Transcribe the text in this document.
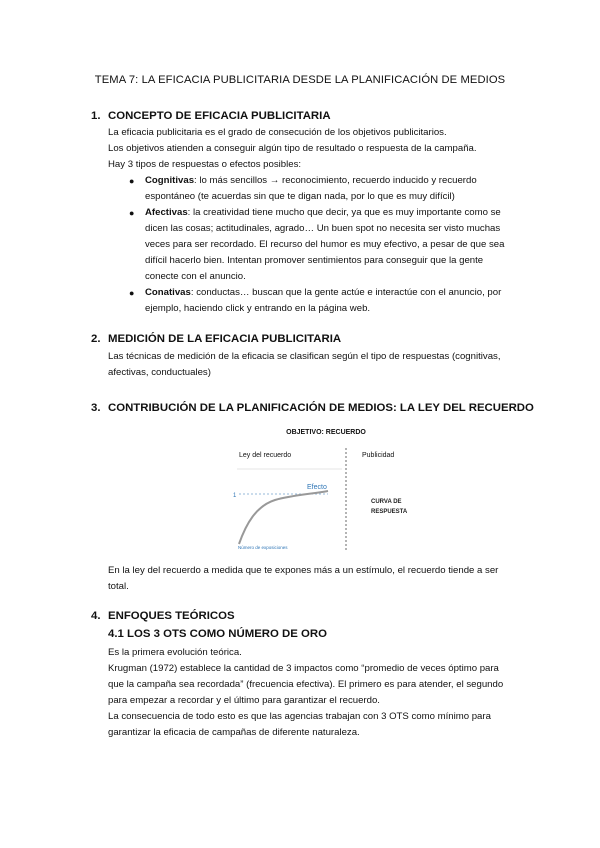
TEMA 7: LA EFICACIA PUBLICITARIA DESDE LA PLANIFICACIÓN DE MEDIOS
1. CONCEPTO DE EFICACIA PUBLICITARIA
La eficacia publicitaria es el grado de consecución de los objetivos publicitarios.
Los objetivos atienden a conseguir algún tipo de resultado o respuesta de la campaña.
Hay 3 tipos de respuestas o efectos posibles:
● Cognitivas: lo más sencillos → reconocimiento, recuerdo inducido y recuerdo
espontáneo (te acuerdas sin que te digan nada, por lo que es muy difícil)
● Afectivas: la creatividad tiene mucho que decir, ya que es muy importante como se
dicen las cosas; actitudinales, agrado… Un buen spot no necesita ser visto muchas
veces para ser recordado. El recurso del humor es muy efectivo, a pesar de que sea
difícil hacerlo bien. Intentan promover sentimientos para conseguir que la gente
conecte con el anuncio.
● Conativas: conductas… buscan que la gente actúe e interactúe con el anuncio, por
ejemplo, haciendo click y entrando en la página web.
2. MEDICIÓN DE LA EFICACIA PUBLICITARIA
Las técnicas de medición de la eficacia se clasifican según el tipo de respuestas (cognitivas,
afectivas, conductuales)
3. CONTRIBUCIÓN DE LA PLANIFICACIÓN DE MEDIOS: LA LEY DEL RECUERDO
OBJETIVO: RECUERDO
Ley del recuerdo	Publicidad
Efecto
1
Número de exposiciones
CURVA DE
RESPUESTA
En la ley del recuerdo a medida que te expones más a un estímulo, el recuerdo tiende a ser
total.
4. ENFOQUES TEÓRICOS
4.1 LOS 3 OTS COMO NÚMERO DE ORO
Es la primera evolución teórica.
Krugman (1972) establece la cantidad de 3 impactos como “promedio de veces óptimo para
que la campaña sea recordada” (frecuencia efectiva). El primero es para atender, el segundo
para empezar a recordar y el último para garantizar el recuerdo.
La consecuencia de todo esto es que las agencias trabajan con 3 OTS como mínimo para
garantizar la eficacia de campañas de diferente naturaleza.
